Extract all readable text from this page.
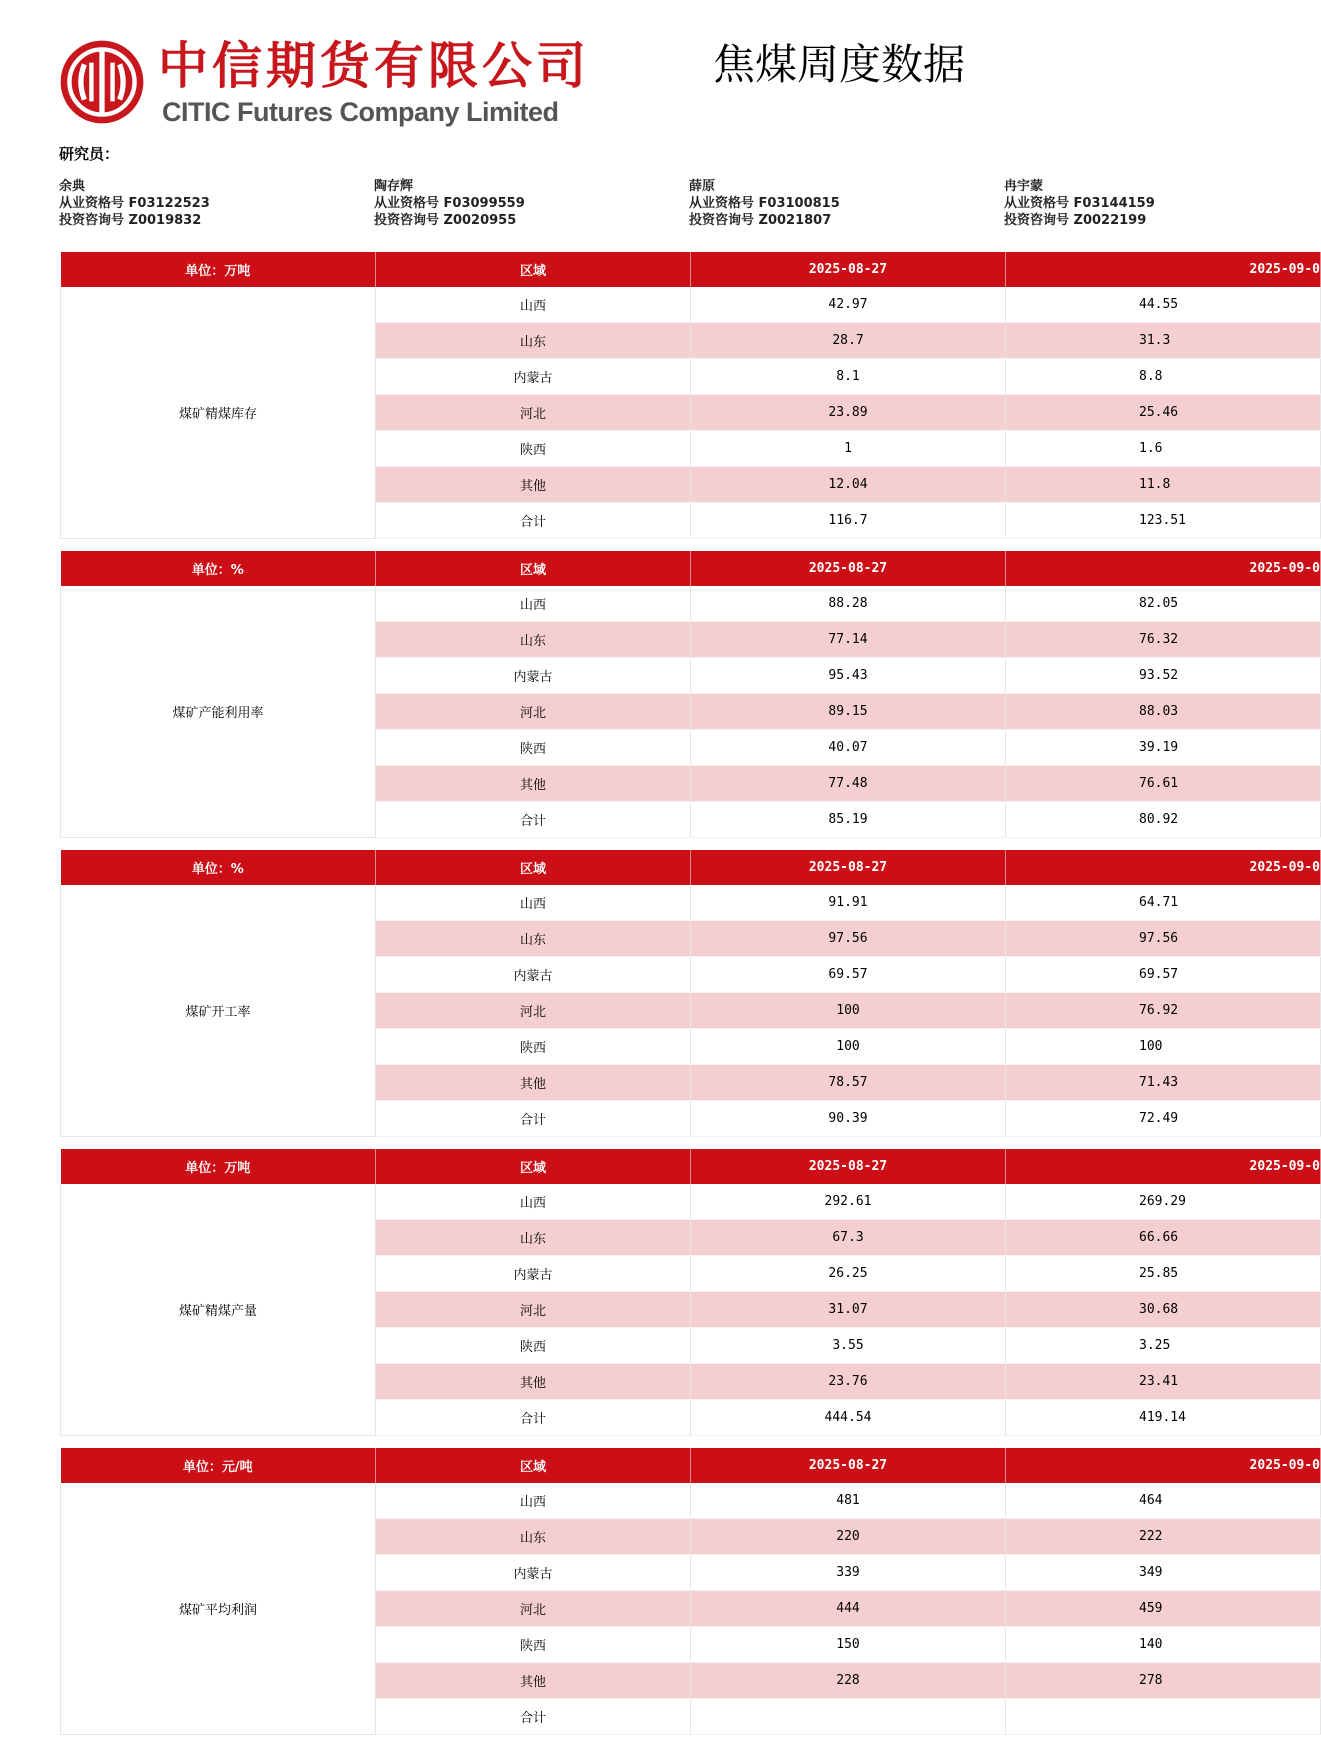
中信期货有限公司
CITIC Futures Company Limited
焦煤周度数据
研究员：
余典
从业资格号 F03122523
投资咨询号 Z0019832
陶存辉
从业资格号 F03099559
投资咨询号 Z0020955
薛原
从业资格号 F03100815
投资咨询号 Z0021807
冉宇蒙
从业资格号 F03144159
投资咨询号 Z0022199
单位：万吨	区域	2025-08-27	2025-09-0
煤矿精煤库存	山西	42.97	44.55
	山东	28.7	31.3
	内蒙古	8.1	8.8
	河北	23.89	25.46
	陕西	1	1.6
	其他	12.04	11.8
	合计	116.7	123.51
单位：%	区域	2025-08-27	2025-09-0
煤矿产能利用率	山西	88.28	82.05
	山东	77.14	76.32
	内蒙古	95.43	93.52
	河北	89.15	88.03
	陕西	40.07	39.19
	其他	77.48	76.61
	合计	85.19	80.92
单位：%	区域	2025-08-27	2025-09-0
煤矿开工率	山西	91.91	64.71
	山东	97.56	97.56
	内蒙古	69.57	69.57
	河北	100	76.92
	陕西	100	100
	其他	78.57	71.43
	合计	90.39	72.49
单位：万吨	区域	2025-08-27	2025-09-0
煤矿精煤产量	山西	292.61	269.29
	山东	67.3	66.66
	内蒙古	26.25	25.85
	河北	31.07	30.68
	陕西	3.55	3.25
	其他	23.76	23.41
	合计	444.54	419.14
单位：元/吨	区域	2025-08-27	2025-09-0
煤矿平均利润	山西	481	464
	山东	220	222
	内蒙古	339	349
	河北	444	459
	陕西	150	140
	其他	228	278
	合计		
